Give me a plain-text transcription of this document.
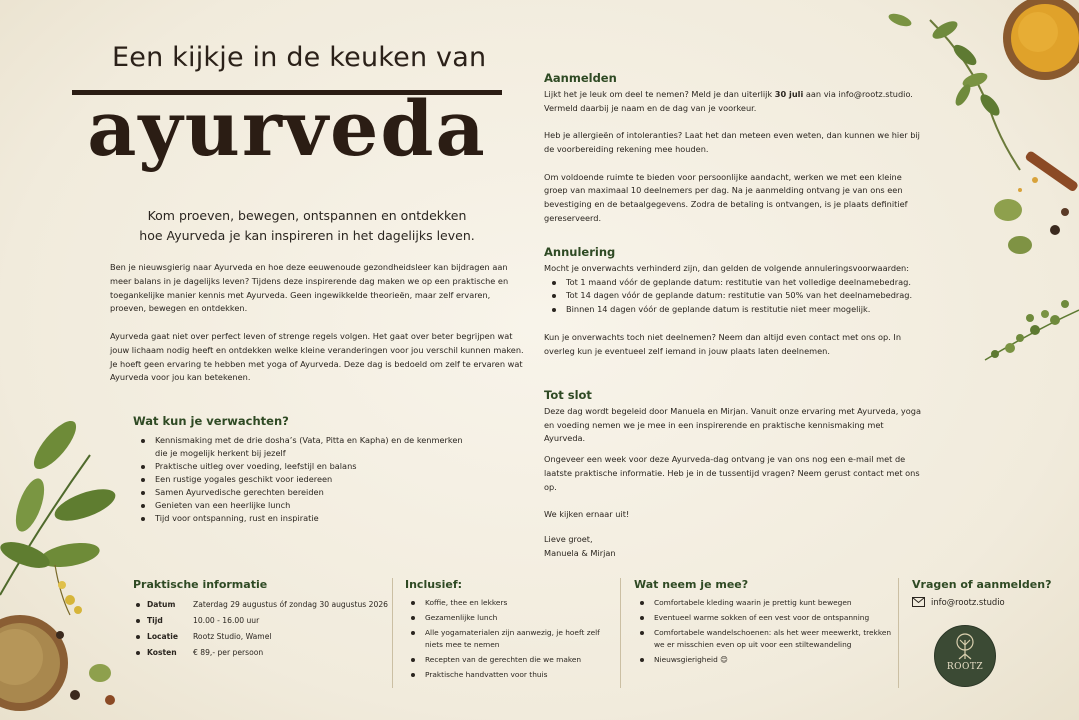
Een kijkje in de keuken van
ayurveda
Kom proeven, bewegen, ontspannen en ontdekken
hoe Ayurveda je kan inspireren in het dagelijks leven.

Ben je nieuwsgierig naar Ayurveda en hoe deze eeuwenoude gezondheidsleer kan bijdragen aan meer balans in je dagelijks leven? Tijdens deze inspirerende dag maken we op een praktische en toegankelijke manier kennis met Ayurveda. Geen ingewikkelde theorieën, maar zelf ervaren, proeven, bewegen en ontdekken.

Ayurveda gaat niet over perfect leven of strenge regels volgen. Het gaat over beter begrijpen wat jouw lichaam nodig heeft en ontdekken welke kleine veranderingen voor jou verschil kunnen maken. Je hoeft geen ervaring te hebben met yoga of Ayurveda. Deze dag is bedoeld om zelf te ervaren wat Ayurveda voor jou kan betekenen.

Wat kun je verwachten?
Kennismaking met de drie dosha’s (Vata, Pitta en Kapha) en de kenmerken die je mogelijk herkent bij jezelf
Praktische uitleg over voeding, leefstijl en balans
Een rustige yogales geschikt voor iedereen
Samen Ayurvedische gerechten bereiden
Genieten van een heerlijke lunch
Tijd voor ontspanning, rust en inspiratie
Aanmelden

Lijkt het je leuk om deel te nemen? Meld je dan uiterlijk 30 juli aan via info@rootz.studio.

Vermeld daarbij je naam en de dag van je voorkeur.

Heb je allergieën of intoleranties? Laat het dan meteen even weten, dan kunnen we hier bij de voorbereiding rekening mee houden.

Om voldoende ruimte te bieden voor persoonlijke aandacht, werken we met een kleine groep van maximaal 10 deelnemers per dag. Na je aanmelding ontvang je van ons een bevestiging en de betaalgegevens. Zodra de betaling is ontvangen, is je plaats definitief gereserveerd.

Annulering

Mocht je onverwachts verhinderd zijn, dan gelden de volgende annuleringsvoorwaarden:

Tot 1 maand vóór de geplande datum: restitutie van het volledige deelnamebedrag.
Tot 14 dagen vóór de geplande datum: restitutie van 50% van het deelnamebedrag.
Binnen 14 dagen vóór de geplande datum is restitutie niet meer mogelijk.

Kun je onverwachts toch niet deelnemen? Neem dan altijd even contact met ons op. In overleg kun je eventueel zelf iemand in jouw plaats laten deelnemen.

Tot slot

Deze dag wordt begeleid door Manuela en Mirjan. Vanuit onze ervaring met Ayurveda, yoga en voeding nemen we je mee in een inspirerende en praktische kennismaking met Ayurveda.

Ongeveer een week voor deze Ayurveda-dag ontvang je van ons nog een e-mail met de laatste praktische informatie. Heb je in de tussentijd vragen? Neem gerust contact met ons op.

We kijken ernaar uit!

Lieve groet,

Manuela & Mirjan

Praktische informatie
Datum	Zaterdag 29 augustus óf zondag 30 augustus 2026
Tijd	10.00 - 16.00 uur
Locatie	Rootz Studio, Wamel
Kosten	€ 89,- per persoon
Inclusief:
Koffie, thee en lekkers
Gezamenlijke lunch
Alle yogamaterialen zijn aanwezig, je hoeft zelf niets mee te nemen
Recepten van de gerechten die we maken
Praktische handvatten voor thuis
Wat neem je mee?
Comfortabele kleding waarin je prettig kunt bewegen
Eventueel warme sokken of een vest voor de ontspanning
Comfortabele wandelschoenen: als het weer meewerkt, trekken we er misschien even op uit voor een stiltewandeling
Nieuwsgierigheid 😊
Vragen of aanmelden?
info@rootz.studio
ROOTZ
